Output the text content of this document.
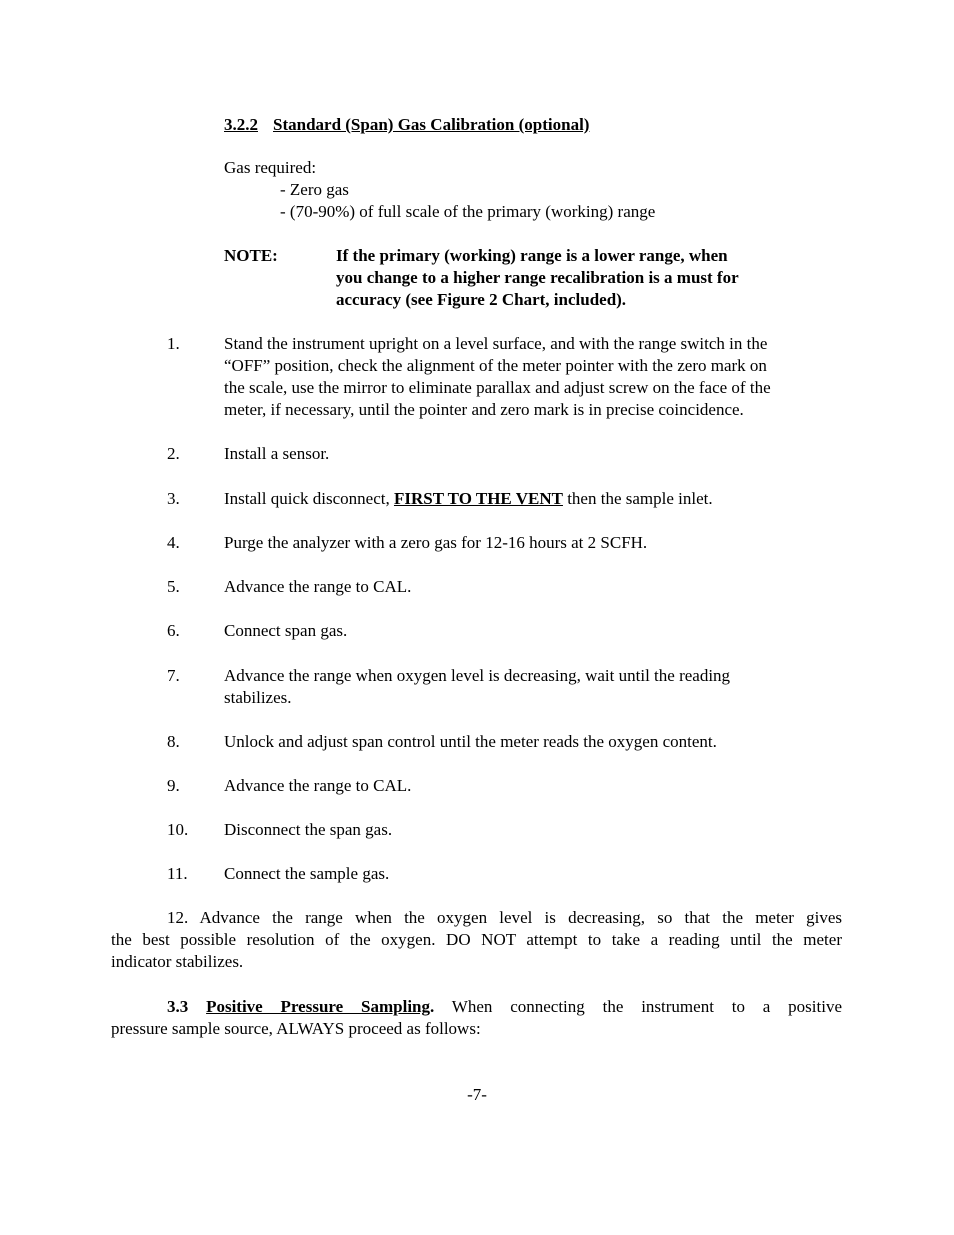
3.2.2 Standard (Span) Gas Calibration (optional)
Gas required:
- Zero gas
- (70-90%) of full scale of the primary (working) range
NOTE:	If the primary (working) range is a lower range, when
you change to a higher range recalibration is a must for
accuracy (see Figure 2 Chart, included).
1.	Stand the instrument upright on a level surface, and with the range switch in the
“OFF” position, check the alignment of the meter pointer with the zero mark on
the scale, use the mirror to eliminate parallax and adjust screw on the face of the
meter, if necessary, until the pointer and zero mark is in precise coincidence.
2.	Install a sensor.
3.	Install quick disconnect, FIRST TO THE VENT then the sample inlet.
4.	Purge the analyzer with a zero gas for 12-16 hours at 2 SCFH.
5.	Advance the range to CAL.
6.	Connect span gas.
7.	Advance the range when oxygen level is decreasing, wait until the reading
stabilizes.
8.	Unlock and adjust span control until the meter reads the oxygen content.
9.	Advance the range to CAL.
10. Disconnect the span gas.
11. Connect the sample gas.
12. Advance the range when the oxygen level is decreasing, so that the meter gives
the best possible resolution of the oxygen. DO NOT attempt to take a reading until the meter
indicator stabilizes.
3.3 Positive Pressure Sampling. When connecting the instrument to a positive
pressure sample source, ALWAYS proceed as follows:
-7-
